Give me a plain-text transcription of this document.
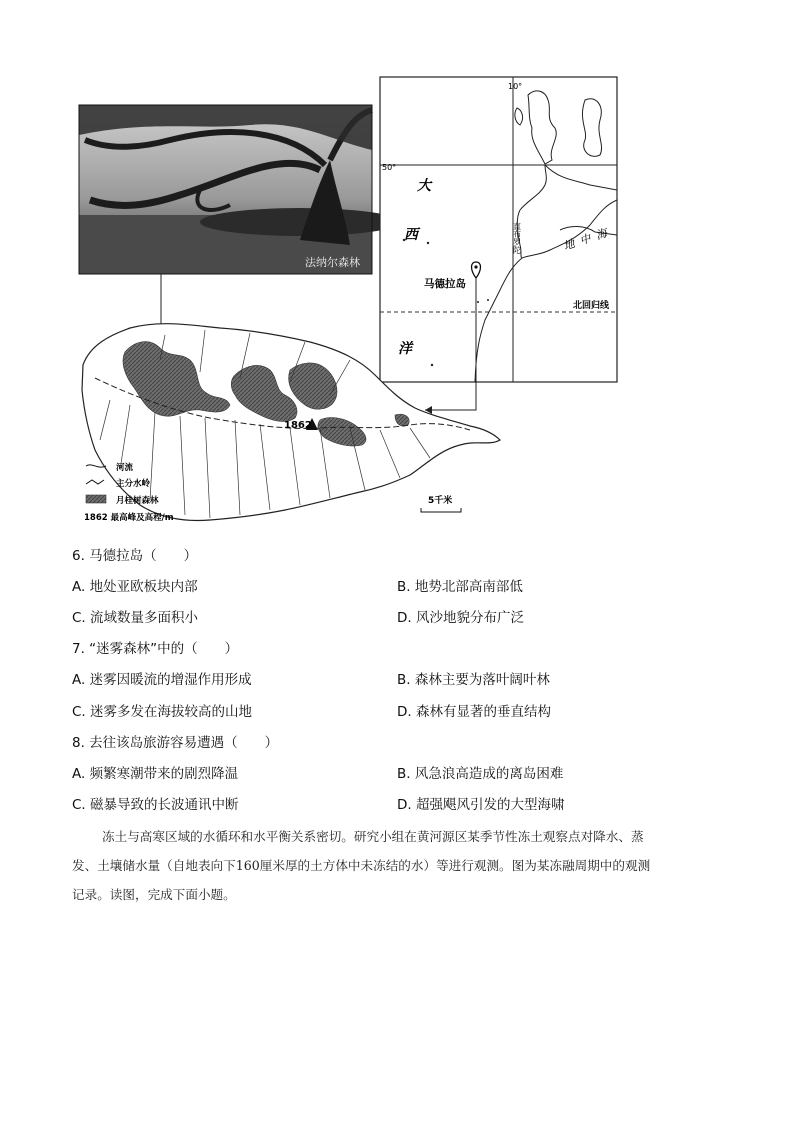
法纳尔森林
10°
50°
大
西
洋
马德拉岛
北回归线
直布罗陀	地中海
1862
5千米
河流
主分水岭
月桂树森林
1862 最高峰及高程/m
6. 马德拉岛（　　）
A. 地处亚欧板块内部	B. 地势北部高南部低
C. 流域数量多面积小	D. 风沙地貌分布广泛
7. “迷雾森林”中的（　　）
A. 迷雾因暖流的增湿作用形成	B. 森林主要为落叶阔叶林
C. 迷雾多发在海拔较高的山地	D. 森林有显著的垂直结构
8. 去往该岛旅游容易遭遇（　　）
A. 频繁寒潮带来的剧烈降温	B. 风急浪高造成的离岛困难
C. 磁暴导致的长波通讯中断	D. 超强飓风引发的大型海啸
冻土与高寒区域的水循环和水平衡关系密切。研究小组在黄河源区某季节性冻土观察点对降水、蒸
发、土壤储水量（自地表向下160厘米厚的土方体中未冻结的水）等进行观测。图为某冻融周期中的观测
记录。读图，完成下面小题。
